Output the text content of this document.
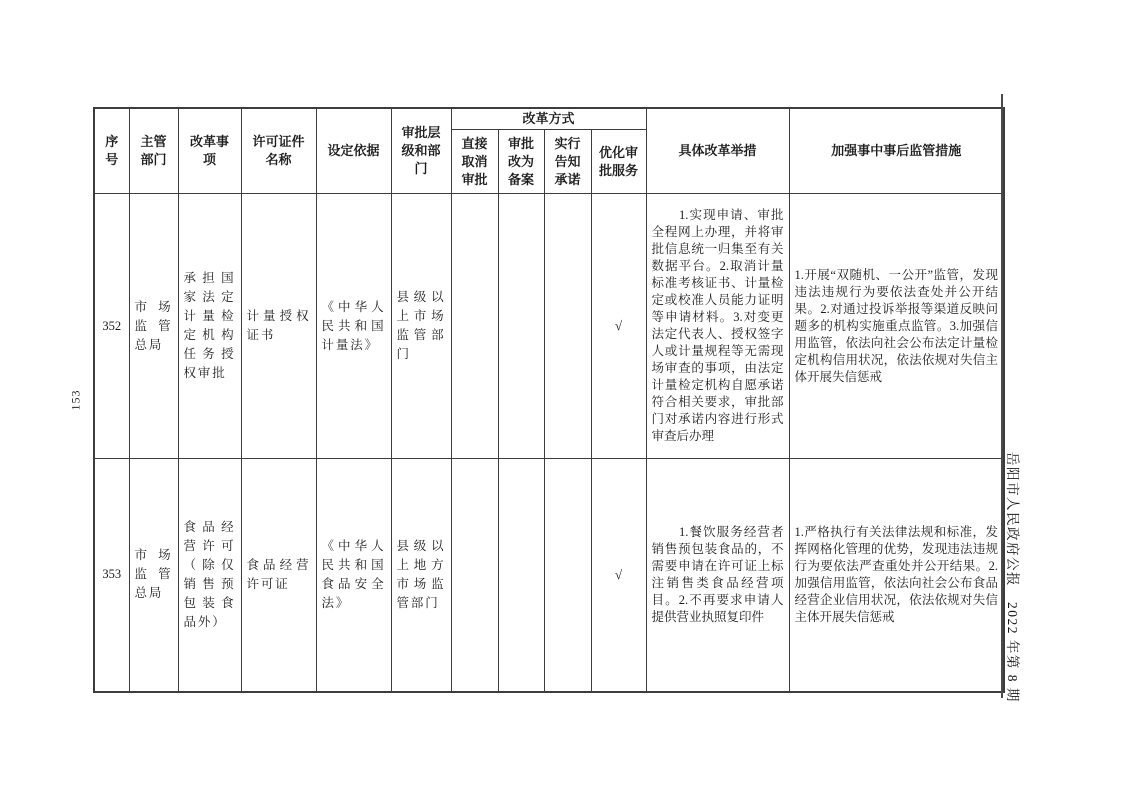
153
序号	主管部门	改革事项	许可证件名称	设定依据	审批层级和部门	改革方式				具体改革举措	加强事中事后监管措施
						直接取消审批	审批改为备案	实行告知承诺	优化审批服务		
352	市场监管总局	承担国家法定计量检定机构任务授权审批	计量授权证书	《中华人民共和国计量法》	县级以上市场监管部门				√	1.实现申请、审批全程网上办理，并将审批信息统一归集至有关数据平台。2.取消计量标准考核证书、计量检定或校准人员能力证明等申请材料。3.对变更法定代表人、授权签字人或计量规程等无需现场审查的事项，由法定计量检定机构自愿承诺符合相关要求，审批部门对承诺内容进行形式审查后办理	1.开展“双随机、一公开”监管，发现违法违规行为要依法查处并公开结果。2.对通过投诉举报等渠道反映问题多的机构实施重点监管。3.加强信用监管，依法向社会公布法定计量检定机构信用状况，依法依规对失信主体开展失信惩戒
353	市场监管总局	食品经营许可（除仅销售预包装食品外）	食品经营许可证	《中华人民共和国食品安全法》	县级以上地方市场监管部门				√	1.餐饮服务经营者销售预包装食品的，不需要申请在许可证上标注销售类食品经营项目。2.不再要求申请人提供营业执照复印件	1.严格执行有关法律法规和标准，发挥网格化管理的优势，发现违法违规行为要依法严查重处并公开结果。2.加强信用监管，依法向社会公布食品经营企业信用状况，依法依规对失信主体开展失信惩戒	岳阳市人民政府公报　2022 年第 8 期
